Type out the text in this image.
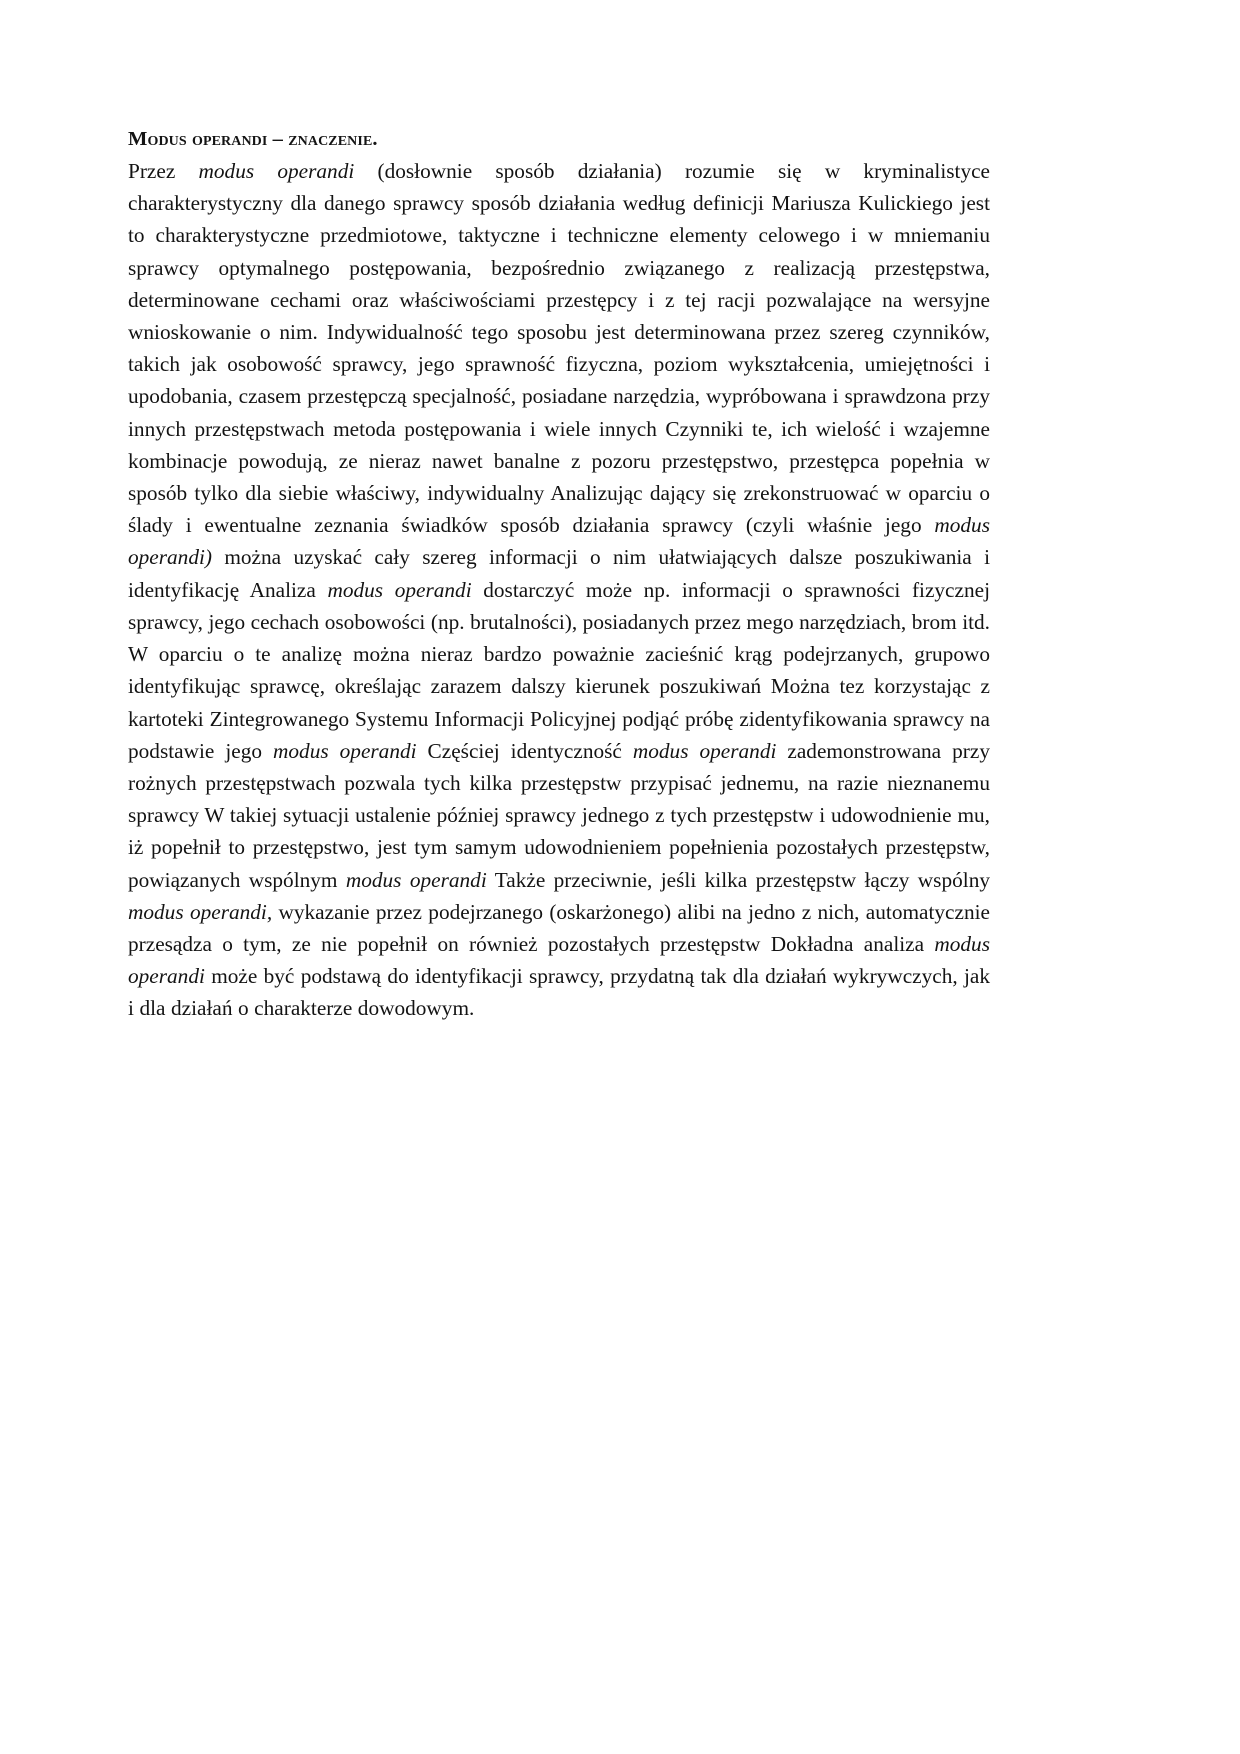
Modus operandi – znaczenie.

Przez modus operandi (dosłownie sposób działania) rozumie się w kryminalistyce charakterystyczny dla danego sprawcy sposób działania według definicji Mariusza Kulickiego jest to charakterystyczne przedmiotowe, taktyczne i techniczne elementy celowego i w mniemaniu sprawcy optymalnego postępowania, bezpośrednio związanego z realizacją przestępstwa, determinowane cechami oraz właściwościami przestępcy i z tej racji pozwalające na wersyjne wnioskowanie o nim. Indywidualność tego sposobu jest determinowana przez szereg czynników, takich jak osobowość sprawcy, jego sprawność fizyczna, poziom wykształcenia, umiejętności i upodobania, czasem przestępczą specjalność, posiadane narzędzia, wypróbowana i sprawdzona przy innych przestępstwach metoda postępowania i wiele innych Czynniki te, ich wielość i wzajemne kombinacje powodują, ze nieraz nawet banalne z pozoru przestępstwo, przestępca popełnia w sposób tylko dla siebie właściwy, indywidualny Analizując dający się zrekonstruować w oparciu o ślady i ewentualne zeznania świadków sposób działania sprawcy (czyli właśnie jego modus operandi) można uzyskać cały szereg informacji o nim ułatwiających dalsze poszukiwania i identyfikację Analiza modus operandi dostarczyć może np. informacji o sprawności fizycznej sprawcy, jego cechach osobowości (np. brutalności), posiadanych przez mego narzędziach, brom itd. W oparciu o te analizę można nieraz bardzo poważnie zacieśnić krąg podejrzanych, grupowo identyfikując sprawcę, określając zarazem dalszy kierunek poszukiwań Można tez korzystając z kartoteki Zintegrowanego Systemu Informacji Policyjnej podjąć próbę zidentyfikowania sprawcy na podstawie jego modus operandi Częściej identyczność modus operandi zademonstrowana przy rożnych przestępstwach pozwala tych kilka przestępstw przypisać jednemu, na razie nieznanemu sprawcy W takiej sytuacji ustalenie później sprawcy jednego z tych przestępstw i udowodnienie mu, iż popełnił to przestępstwo, jest tym samym udowodnieniem popełnienia pozostałych przestępstw, powiązanych wspólnym modus operandi Także przeciwnie, jeśli kilka przestępstw łączy wspólny modus operandi, wykazanie przez podejrzanego (oskarżonego) alibi na jedno z nich, automatycznie przesądza o tym, ze nie popełnił on również pozostałych przestępstw Dokładna analiza modus operandi może być podstawą do identyfikacji sprawcy, przydatną tak dla działań wykrywczych, jak i dla działań o charakterze dowodowym.
